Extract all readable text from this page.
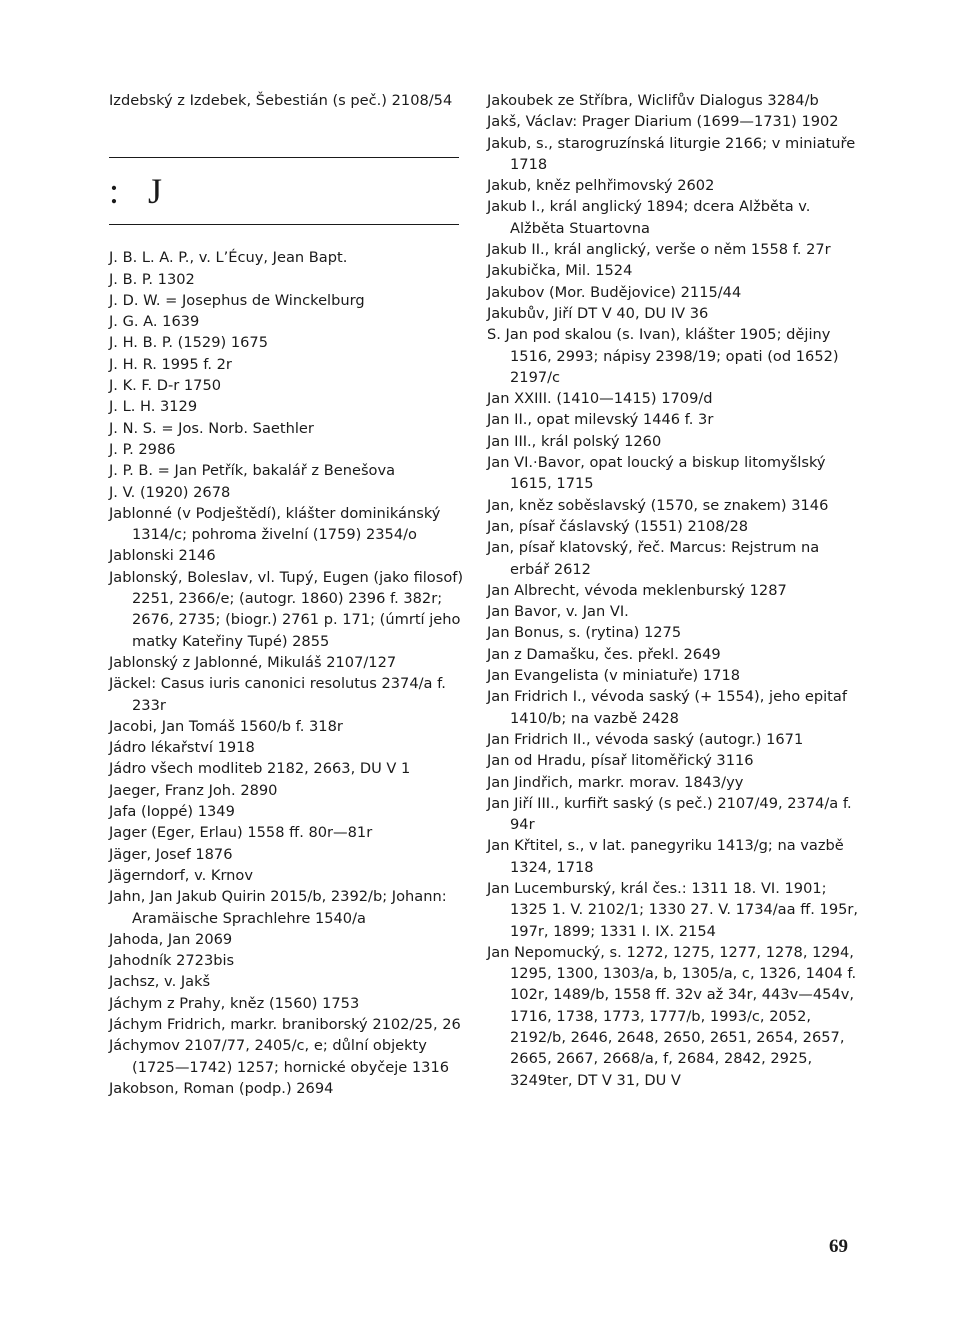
Izdebský z Izdebek, Šebestián (s peč.) 2108/54
: J
J. B. L. A. P., v. L’Écuy, Jean Bapt.
J. B. P. 1302
J. D. W. = Josephus de Winckelburg
J. G. A. 1639
J. H. B. P. (1529) 1675
J. H. R. 1995 f. 2r
J. K. F. D-r 1750
J. L. H. 3129
J. N. S. = Jos. Norb. Saethler
J. P. 2986
J. P. B. = Jan Petřík, bakalář z Benešova
J. V. (1920) 2678
Jablonné (v Podještědí), klášter dominikánský 1314/c; pohroma živelní (1759) 2354/o
Jablonski 2146
Jablonský, Boleslav, vl. Tupý, Eugen (jako filosof) 2251, 2366/e; (autogr. 1860) 2396 f. 382r; 2676, 2735; (biogr.) 2761 p. 171; (úmrtí jeho matky Kateřiny Tupé) 2855
Jablonský z Jablonné, Mikuláš 2107/127
Jäckel: Casus iuris canonici resolutus 2374/a f. 233r
Jacobi, Jan Tomáš 1560/b f. 318r
Jádro lékařství 1918
Jádro všech modliteb 2182, 2663, DU V 1
Jaeger, Franz Joh. 2890
Jafa (Ioppé) 1349
Jager (Eger, Erlau) 1558 ff. 80r—81r
Jäger, Josef 1876
Jägerndorf, v. Krnov
Jahn, Jan Jakub Quirin 2015/b, 2392/b; Johann: Aramäische Sprachlehre 1540/a
Jahoda, Jan 2069
Jahodník 2723bis
Jachsz, v. Jakš
Jáchym z Prahy, kněz (1560) 1753
Jáchym Fridrich, markr. braniborský 2102/25, 26
Jáchymov 2107/77, 2405/c, e; důlní objekty (1725—1742) 1257; hornické obyčeje 1316
Jakobson, Roman (podp.) 2694
Jakoubek ze Stříbra, Wiclifův Dialogus 3284/b
Jakš, Václav: Prager Diarium (1699—1731) 1902
Jakub, s., starogruzínská liturgie 2166; v miniatuře 1718
Jakub, kněz pelhřimovský 2602
Jakub I., král anglický 1894; dcera Alžběta v. Alžběta Stuartovna
Jakub II., král anglický, verše o něm 1558 f. 27r
Jakubička, Mil. 1524
Jakubov (Mor. Budějovice) 2115/44
Jakubův, Jiří DT V 40, DU IV 36
S. Jan pod skalou (s. Ivan), klášter 1905; dějiny 1516, 2993; nápisy 2398/19; opati (od 1652) 2197/c
Jan XXIII. (1410—1415) 1709/d
Jan II., opat milevský 1446 f. 3r
Jan III., král polský 1260
Jan VI.·Bavor, opat loucký a biskup litomyšlský 1615, 1715
Jan, kněz soběslavský (1570, se znakem) 3146
Jan, písař čáslavský (1551) 2108/28
Jan, písař klatovský, řeč. Marcus: Rejstrum na erbář 2612
Jan Albrecht, vévoda meklenburský 1287
Jan Bavor, v. Jan VI.
Jan Bonus, s. (rytina) 1275
Jan z Damašku, čes. překl. 2649
Jan Evangelista (v miniatuře) 1718
Jan Fridrich I., vévoda saský (+ 1554), jeho epitaf 1410/b; na vazbě 2428
Jan Fridrich II., vévoda saský (autogr.) 1671
Jan od Hradu, písař litoměřický 3116
Jan Jindřich, markr. morav. 1843/yy
Jan Jiří III., kurfiřt saský (s peč.) 2107/49, 2374/a f. 94r
Jan Křtitel, s., v lat. panegyriku 1413/g; na vazbě 1324, 1718
Jan Lucemburský, král čes.: 1311 18. VI. 1901; 1325 1. V. 2102/1; 1330 27. V. 1734/aa ff. 195r, 197r, 1899; 1331 I. IX. 2154
Jan Nepomucký, s. 1272, 1275, 1277, 1278, 1294, 1295, 1300, 1303/a, b, 1305/a, c, 1326, 1404 f. 102r, 1489/b, 1558 ff. 32v až 34r, 443v—454v, 1716, 1738, 1773, 1777/b, 1993/c, 2052, 2192/b, 2646, 2648, 2650, 2651, 2654, 2657, 2665, 2667, 2668/a, f, 2684, 2842, 2925, 3249ter, DT V 31, DU V
69
